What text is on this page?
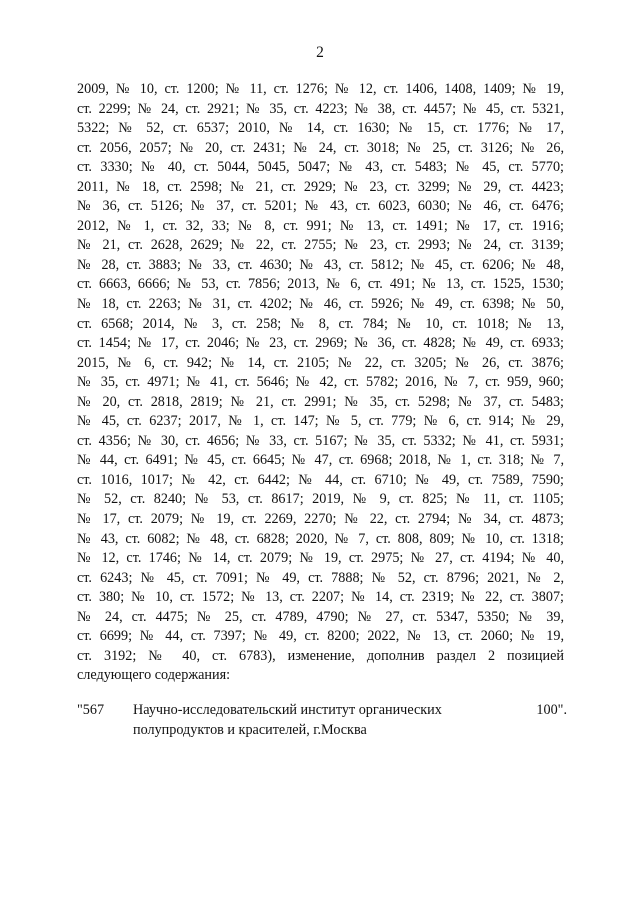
2
2009, № 10, ст. 1200; № 11, ст. 1276; № 12, ст. 1406, 1408, 1409; № 19,
ст. 2299; № 24, ст. 2921; № 35, ст. 4223; № 38, ст. 4457; № 45, ст. 5321,
5322; № 52, ст. 6537; 2010, № 14, ст. 1630; № 15, ст. 1776; № 17,
ст. 2056, 2057; № 20, ст. 2431; № 24, ст. 3018; № 25, ст. 3126; № 26,
ст. 3330; № 40, ст. 5044, 5045, 5047; № 43, ст. 5483; № 45, ст. 5770;
2011, № 18, ст. 2598; № 21, ст. 2929; № 23, ст. 3299; № 29, ст. 4423;
№ 36, ст. 5126; № 37, ст. 5201; № 43, ст. 6023, 6030; № 46, ст. 6476;
2012, № 1, ст. 32, 33; № 8, ст. 991; № 13, ст. 1491; № 17, ст. 1916;
№ 21, ст. 2628, 2629; № 22, ст. 2755; № 23, ст. 2993; № 24, ст. 3139;
№ 28, ст. 3883; № 33, ст. 4630; № 43, ст. 5812; № 45, ст. 6206; № 48,
ст. 6663, 6666; № 53, ст. 7856; 2013, № 6, ст. 491; № 13, ст. 1525, 1530;
№ 18, ст. 2263; № 31, ст. 4202; № 46, ст. 5926; № 49, ст. 6398; № 50,
ст. 6568; 2014, № 3, ст. 258; № 8, ст. 784; № 10, ст. 1018; № 13,
ст. 1454; № 17, ст. 2046; № 23, ст. 2969; № 36, ст. 4828; № 49, ст. 6933;
2015, № 6, ст. 942; № 14, ст. 2105; № 22, ст. 3205; № 26, ст. 3876;
№ 35, ст. 4971; № 41, ст. 5646; № 42, ст. 5782; 2016, № 7, ст. 959, 960;
№ 20, ст. 2818, 2819; № 21, ст. 2991; № 35, ст. 5298; № 37, ст. 5483;
№ 45, ст. 6237; 2017, № 1, ст. 147; № 5, ст. 779; № 6, ст. 914; № 29,
ст. 4356; № 30, ст. 4656; № 33, ст. 5167; № 35, ст. 5332; № 41, ст. 5931;
№ 44, ст. 6491; № 45, ст. 6645; № 47, ст. 6968; 2018, № 1, ст. 318; № 7,
ст. 1016, 1017; № 42, ст. 6442; № 44, ст. 6710; № 49, ст. 7589, 7590;
№ 52, ст. 8240; № 53, ст. 8617; 2019, № 9, ст. 825; № 11, ст. 1105;
№ 17, ст. 2079; № 19, ст. 2269, 2270; № 22, ст. 2794; № 34, ст. 4873;
№ 43, ст. 6082; № 48, ст. 6828; 2020, № 7, ст. 808, 809; № 10, ст. 1318;
№ 12, ст. 1746; № 14, ст. 2079; № 19, ст. 2975; № 27, ст. 4194; № 40,
ст. 6243; № 45, ст. 7091; № 49, ст. 7888; № 52, ст. 8796; 2021, № 2,
ст. 380; № 10, ст. 1572; № 13, ст. 2207; № 14, ст. 2319; № 22, ст. 3807;
№ 24, ст. 4475; № 25, ст. 4789, 4790; № 27, ст. 5347, 5350; № 39,
ст. 6699; № 44, ст. 7397; № 49, ст. 8200; 2022, № 13, ст. 2060; № 19,
ст. 3192; № 40, ст. 6783), изменение, дополнив раздел 2 позицией
следующего содержания:
"567 Научно-исследовательский институт органических
полупродуктов и красителей, г.Москва
100".
